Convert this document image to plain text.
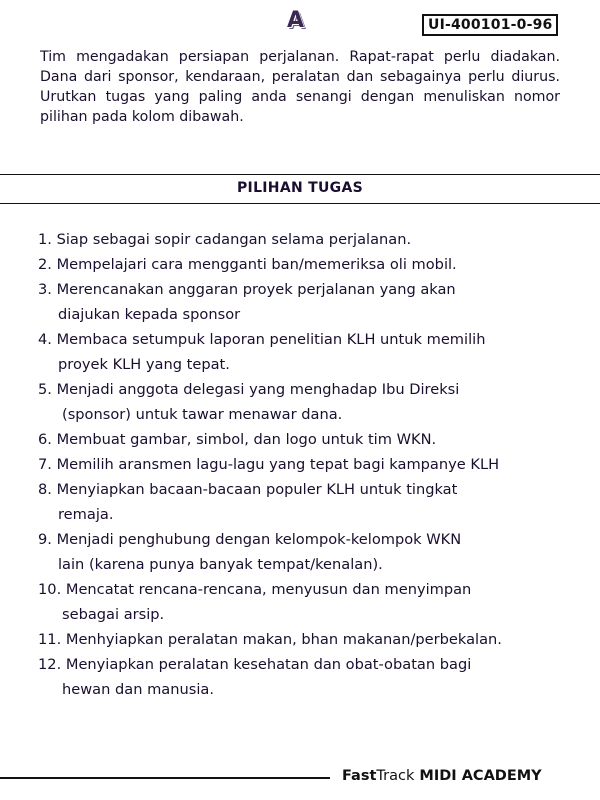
A	UI-400101-0-96
Tim mengadakan persiapan perjalanan. Rapat-rapat perlu diadakan. Dana dari sponsor, kendaraan, peralatan dan sebagainya perlu diurus. Urutkan tugas yang paling anda senangi dengan menuliskan nomor pilihan pada kolom dibawah.
PILIHAN TUGAS
1. Siap sebagai sopir cadangan selama perjalanan.
2. Mempelajari cara mengganti ban/memeriksa oli mobil.
3. Merencanakan anggaran proyek perjalanan yang akan
diajukan kepada sponsor
4. Membaca setumpuk laporan penelitian KLH untuk memilih
proyek KLH yang tepat.
5. Menjadi anggota delegasi yang menghadap Ibu Direksi
(sponsor) untuk tawar menawar dana.
6. Membuat gambar, simbol, dan logo untuk tim WKN.
7. Memilih aransmen lagu-lagu yang tepat bagi kampanye KLH
8. Menyiapkan bacaan-bacaan populer KLH untuk tingkat
remaja.
9. Menjadi penghubung dengan kelompok-kelompok WKN
lain (karena punya banyak tempat/kenalan).
10. Mencatat rencana-rencana, menyusun dan menyimpan
sebagai arsip.
11. Menhyiapkan peralatan makan, bhan makanan/perbekalan.
12. Menyiapkan peralatan kesehatan dan obat-obatan bagi
hewan dan manusia.
FastTrack MIDI ACADEMY
